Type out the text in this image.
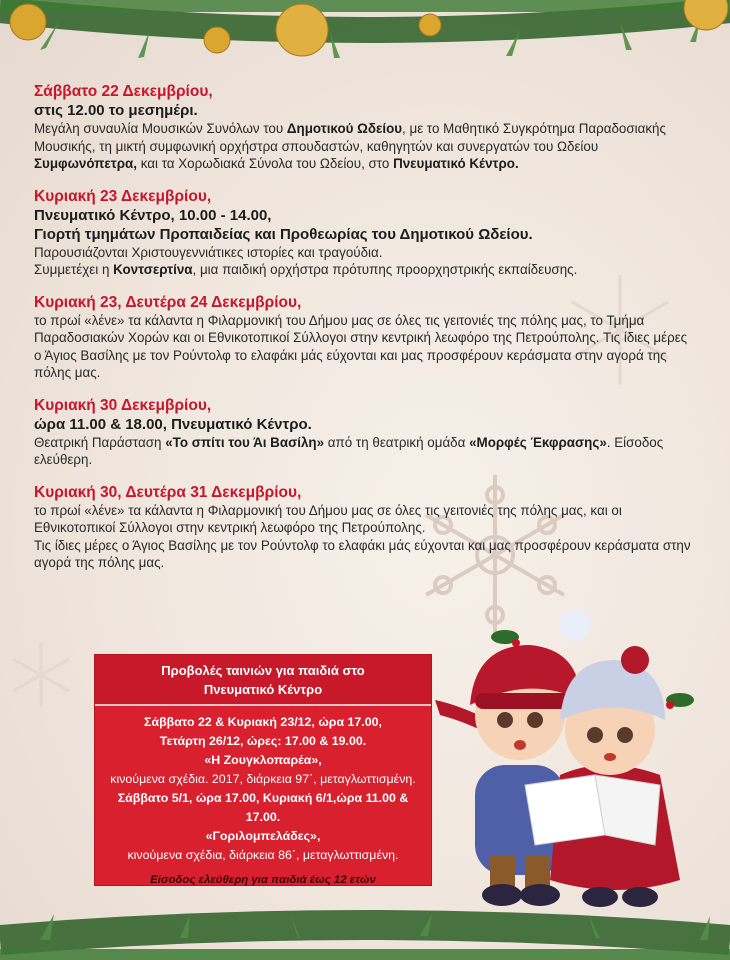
Σάββατο 22 Δεκεμβρίου,
στις 12.00 το μεσημέρι.

Μεγάλη συναυλία Μουσικών Συνόλων του Δημοτικού Ωδείου, με το Μαθητικό Συγκρότημα Παραδοσιακής Μουσικής, τη μικτή συμφωνική ορχήστρα σπουδαστών, καθηγητών και συνεργατών του Ωδείου Συμφωνόπετρα, και τα Χορωδιακά Σύνολα του Ωδείου, στο Πνευματικό Κέντρο.

Κυριακή 23 Δεκεμβρίου,
Πνευματικό Κέντρο, 10.00 - 14.00,
Γιορτή τμημάτων Προπαιδείας και Προθεωρίας του Δημοτικού Ωδείου.

Παρουσιάζονται Χριστουγεννιάτικες ιστορίες και τραγούδια.
Συμμετέχει η Κοντσερτίνα, μια παιδική ορχήστρα πρότυπης προορχηστρικής εκπαίδευσης.

Κυριακή 23, Δευτέρα 24 Δεκεμβρίου,

το πρωί «λένε» τα κάλαντα η Φιλαρμονική του Δήμου μας σε όλες τις γειτονιές της πόλης μας, το Τμήμα Παραδοσιακών Χορών και οι Εθνικοτοπικοί Σύλλογοι στην κεντρική λεωφόρο της Πετρούπολης. Τις ίδιες μέρες ο Άγιος Βασίλης με τον Ρούντολφ το ελαφάκι μάς εύχονται και μας προσφέρουν κεράσματα στην αγορά της πόλης μας.

Κυριακή 30 Δεκεμβρίου,
ώρα 11.00 & 18.00, Πνευματικό Κέντρο.

Θεατρική Παράσταση «Το σπίτι του Άι Βασίλη» από τη θεατρική ομάδα «Μορφές Έκφρασης». Είσοδος ελεύθερη.

Κυριακή 30, Δευτέρα 31 Δεκεμβρίου,

το πρωί «λένε» τα κάλαντα η Φιλαρμονική του Δήμου μας σε όλες τις γειτονιές της πόλης μας, και οι Εθνικοτοπικοί Σύλλογοι στην κεντρική λεωφόρο της Πετρούπολης.
Τις ίδιες μέρες ο Άγιος Βασίλης με τον Ρούντολφ το ελαφάκι μάς εύχονται και μας προσφέρουν κεράσματα στην αγορά της πόλης μας.

Προβολές ταινιών για παιδιά στο
Πνευματικό Κέντρο
Σάββατο 22 & Κυριακή 23/12, ώρα 17.00,
Τετάρτη 26/12, ώρες: 17.00 & 19.00.
«Η Ζουγκλοπαρέα»,
κινούμενα σχέδια. 2017, διάρκεια 97΄, μεταγλωττισμένη.
Σάββατο 5/1, ώρα 17.00, Κυριακή 6/1,ώρα 11.00 & 17.00.
«Γοριλομπελάδες»,
κινούμενα σχέδια, διάρκεια 86΄, μεταγλωττισμένη.
Είσοδος ελεύθερη για παιδιά έως 12 ετών
